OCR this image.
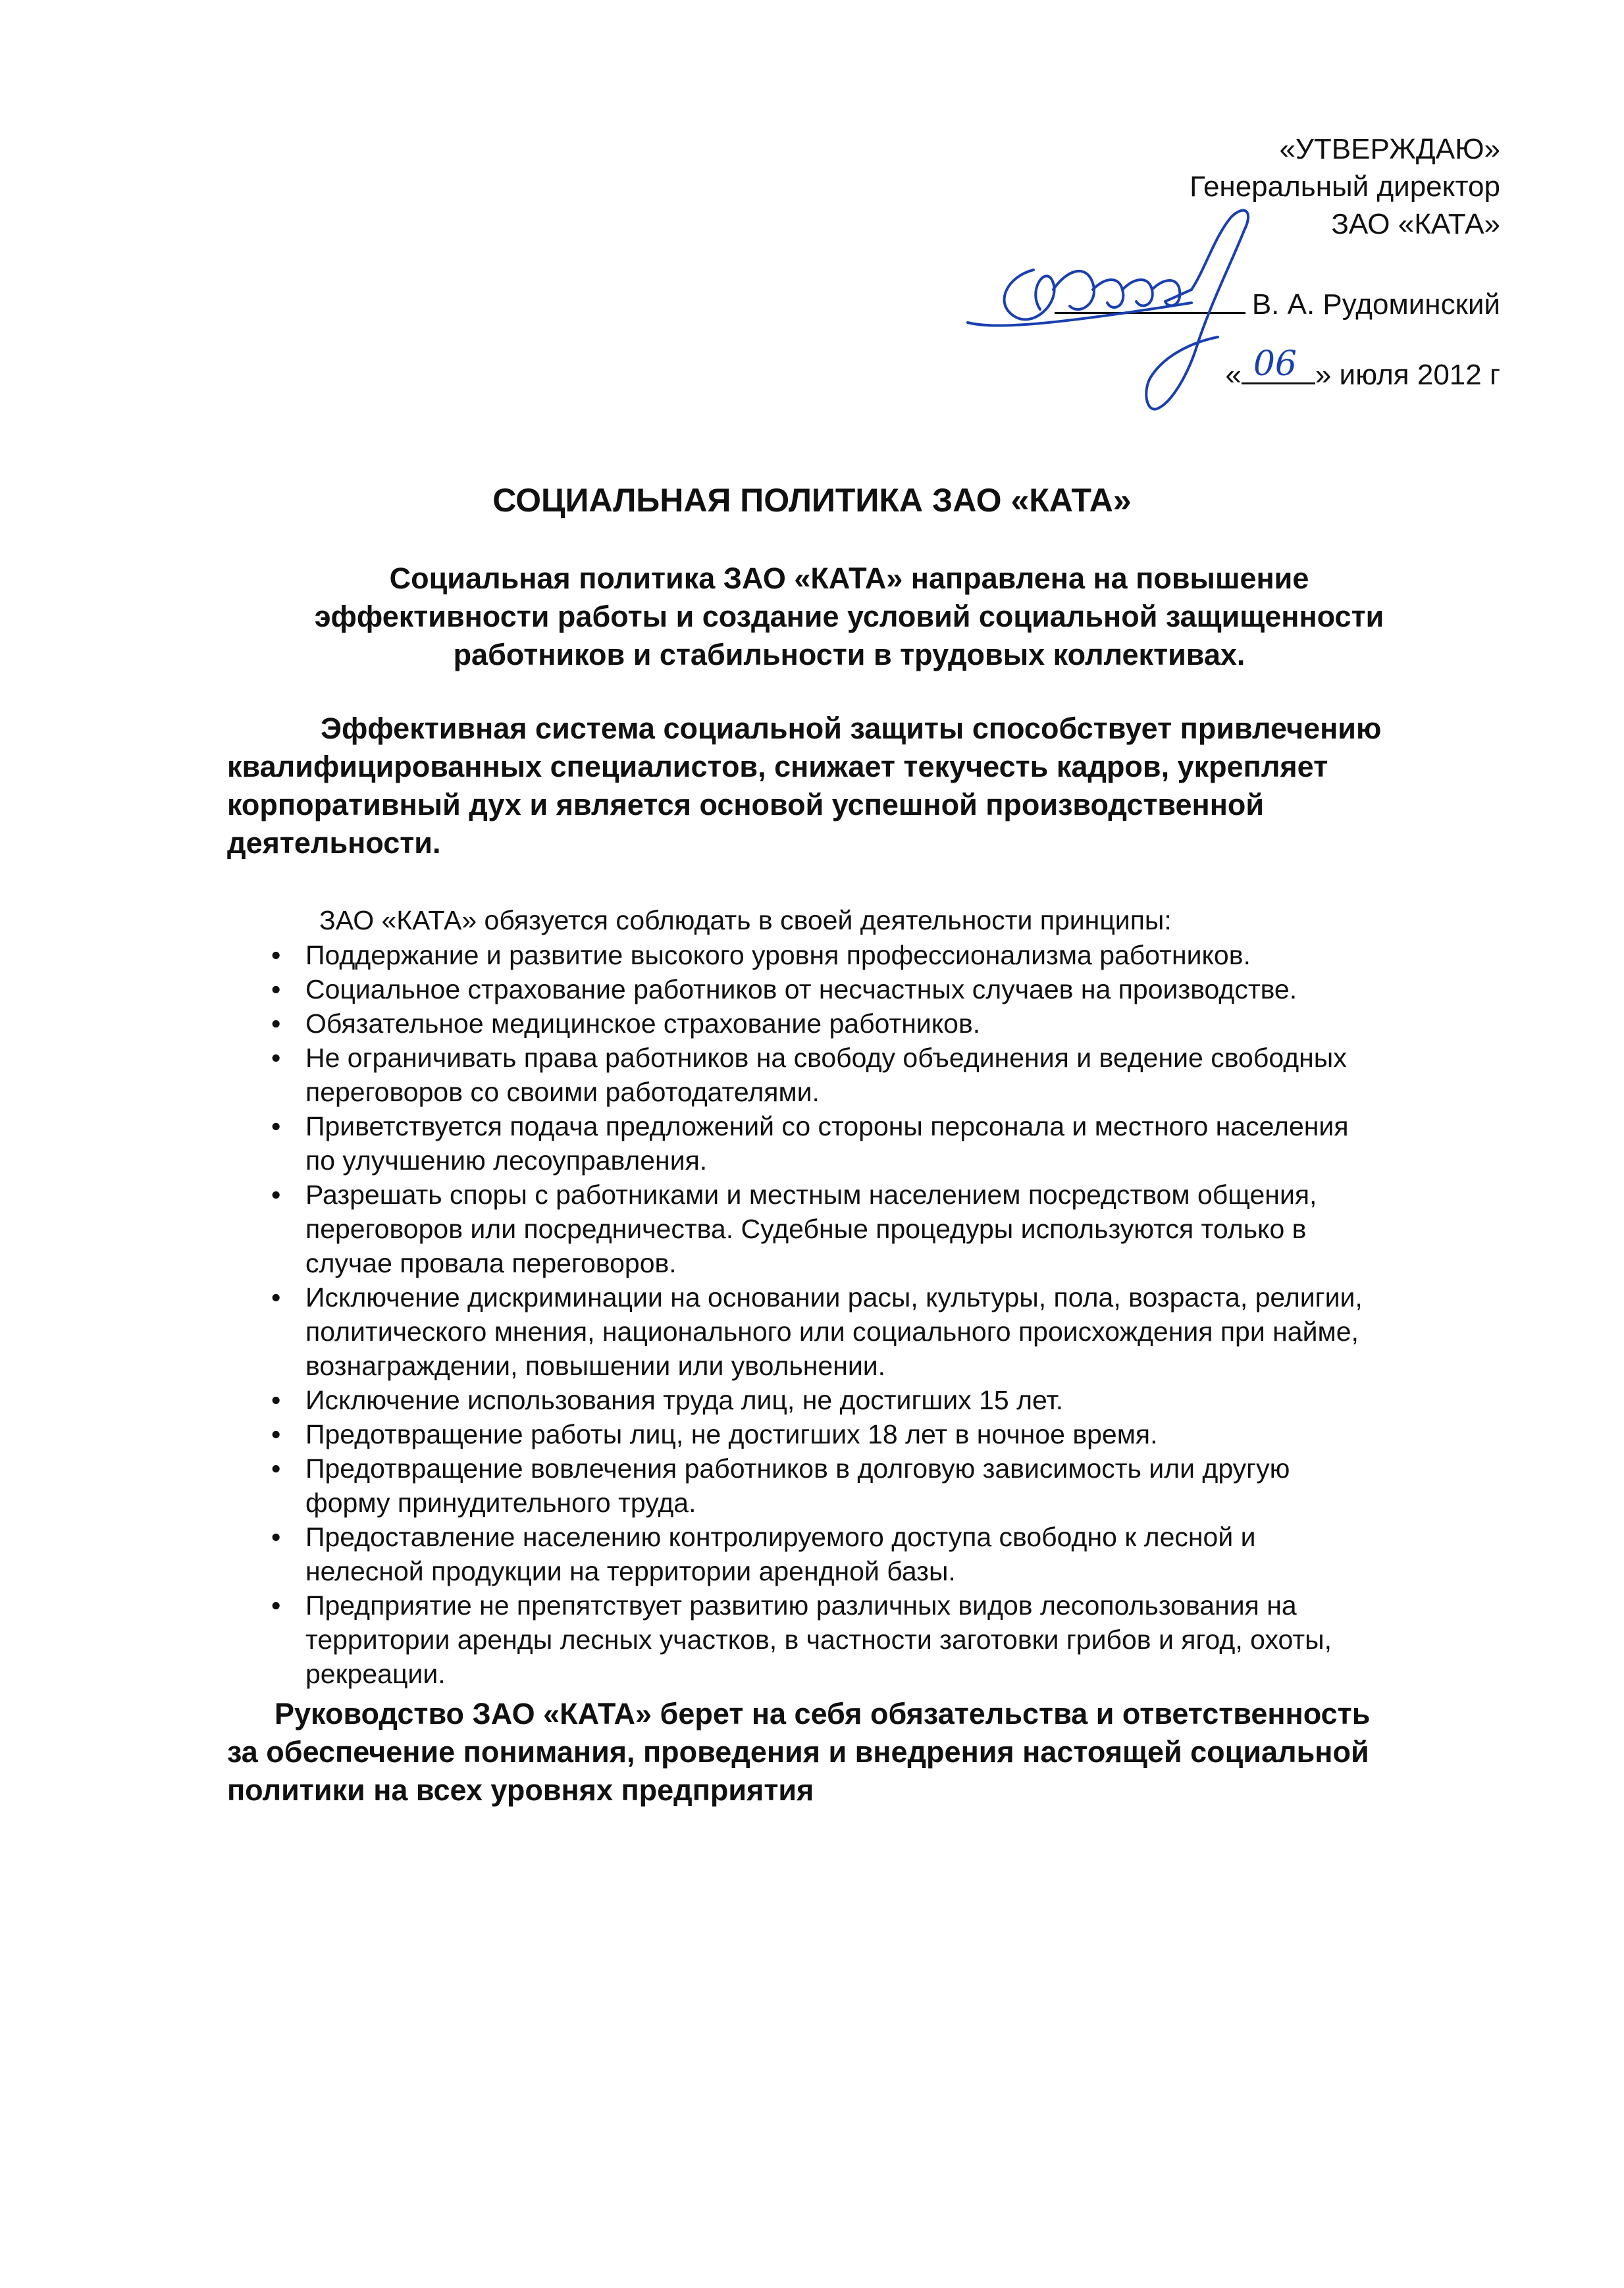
«УТВЕРЖДАЮ»
Генеральный директор
ЗАО «КАТА»
В. А. Рудоминский
« 06 » июля 2012 г
СОЦИАЛЬНАЯ ПОЛИТИКА ЗАО «КАТА»
Социальная политика ЗАО «КАТА» направлена на повышение
эффективности работы и создание условий социальной защищенности
работников и стабильности в трудовых коллективах.
Эффективная система социальной защиты способствует привлечению
квалифицированных специалистов, снижает текучесть кадров, укрепляет
корпоративный дух и является основой успешной производственной
деятельности.
ЗАО «КАТА» обязуется соблюдать в своей деятельности принципы:
• Поддержание и развитие высокого уровня профессионализма работников.
• Социальное страхование работников от несчастных случаев на производстве.
• Обязательное медицинское страхование работников.
• Не ограничивать права работников на свободу объединения и ведение свободных
переговоров со своими работодателями.
• Приветствуется подача предложений со стороны персонала и местного населения
по улучшению лесоуправления.
• Разрешать споры с работниками и местным населением посредством общения,
переговоров или посредничества. Судебные процедуры используются только в
случае провала переговоров.
• Исключение дискриминации на основании расы, культуры, пола, возраста, религии,
политического мнения, национального или социального происхождения при найме,
вознаграждении, повышении или увольнении.
• Исключение использования труда лиц, не достигших 15 лет.
• Предотвращение работы лиц, не достигших 18 лет в ночное время.
• Предотвращение вовлечения работников в долговую зависимость или другую
форму принудительного труда.
• Предоставление населению контролируемого доступа свободно к лесной и
нелесной продукции на территории арендной базы.
• Предприятие не препятствует развитию различных видов лесопользования на
территории аренды лесных участков, в частности заготовки грибов и ягод, охоты,
рекреации.
Руководство ЗАО «КАТА» берет на себя обязательства и ответственность
за обеспечение понимания, проведения и внедрения настоящей социальной
политики на всех уровнях предприятия
